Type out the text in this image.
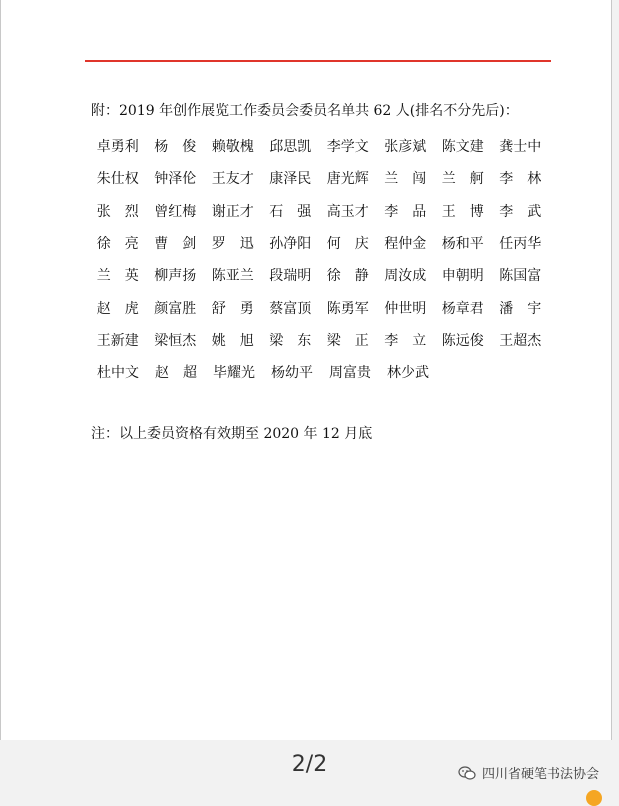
附：2019 年创作展览工作委员会委员名单共 62 人(排名不分先后)：
卓勇利	杨　俊	赖敬槐	邱思凯	李学文	张彦斌	陈文建	龚士中
朱仕权	钟泽伦	王友才	康泽民	唐光辉	兰　闯	兰　舸	李　林
张　烈	曾红梅	谢正才	石　强	高玉才	李　品	王　博	李　武
徐　亮	曹　剑	罗　迅	孙净阳	何　庆	程仲金	杨和平	任丙华
兰　英	柳声扬	陈亚兰	段瑞明	徐　静	周汝成	申朝明	陈国富
赵　虎	颜富胜	舒　勇	蔡富顶	陈勇军	仲世明	杨章君	潘　宇
王新建	梁恒杰	姚　旭	梁　东	梁　正	李　立	陈远俊	王超杰
杜中文	赵　超	毕耀光	杨幼平	周富贵	林少武
注：以上委员资格有效期至 2020 年 12 月底
2/2	四川省硬笔书法协会
